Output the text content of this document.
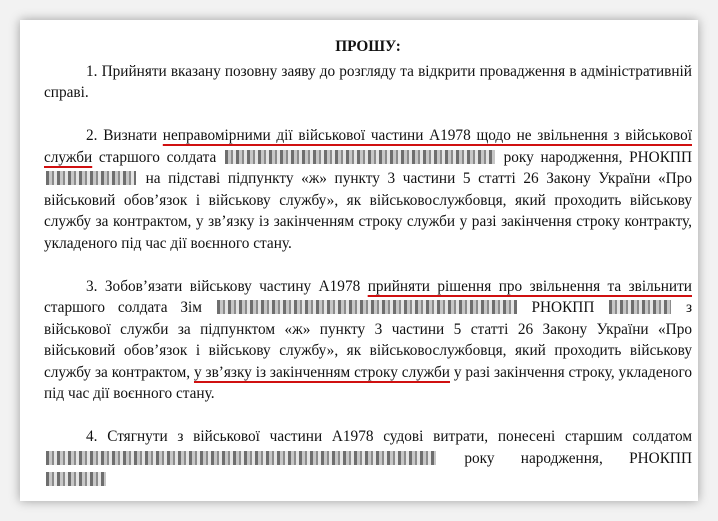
ПРОШУ:

1. Прийняти вказану позовну заяву до розгляду та відкрити провадження в адміністративній справі.

2. Визнати неправомірними дії військової частини А1978 щодо не звільнення з військової служби старшого солдата	року народження, РНОКПП  на підставі підпункту «ж» пункту 3 частини 5 статті 26 Закону України «Про військовий обов’язок і військову службу», як військовослужбовця, який проходить військову службу за контрактом, у зв’язку із закінченням строку служби у разі закінчення строку контракту, укладеного під час дії воєнного стану.

3. Зобов’язати військову частину А1978 прийняти рішення про звільнення та звільнити старшого солдата Зім	РНОКПП	з військової служби за підпунктом «ж» пункту 3 частини 5 статті 26 Закону України «Про військовий обов’язок і військову службу», як військовослужбовця, який проходить військову службу за контрактом, у зв’язку із закінченням строку служби у разі закінчення строку, укладеного під час дії воєнного стану.

4. Стягнути з військової частини А1978 судові витрати, понесені старшим солдатом  року народження, РНОКПП
